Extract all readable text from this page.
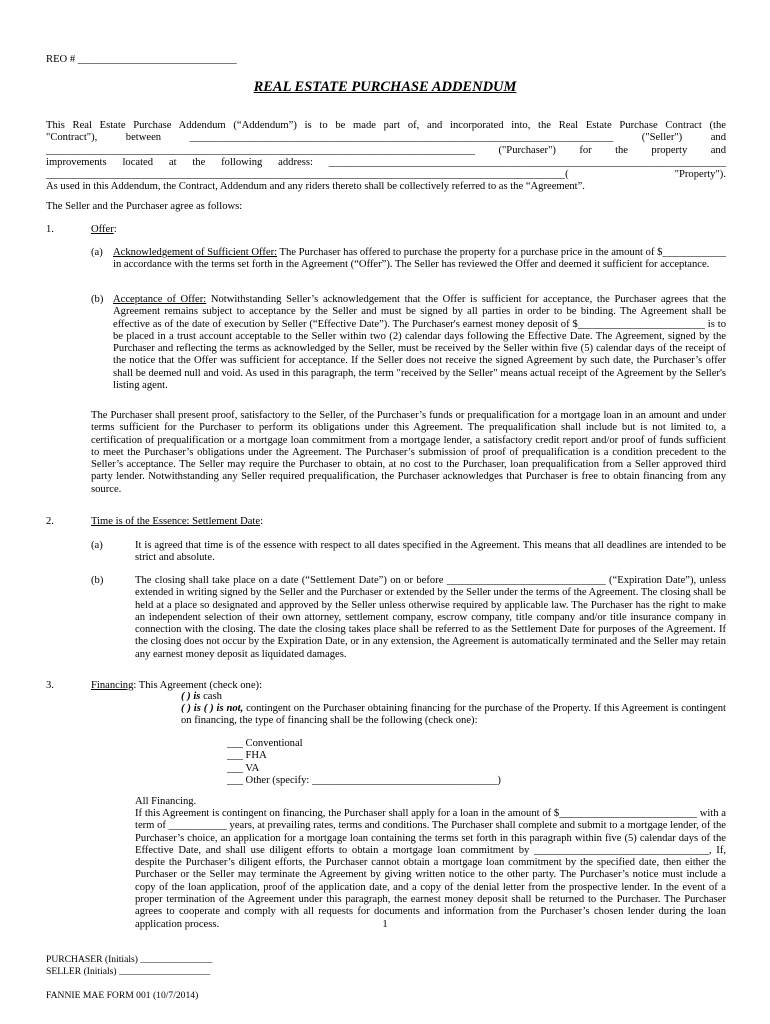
REO # ______________________________
REAL ESTATE PURCHASE ADDENDUM

This Real Estate Purchase Addendum (“Addendum”) is to be made part of, and incorporated into, the Real Estate Purchase Contract (the

"Contract"), between ________________________________________________________________________________ ("Seller") and

_________________________________________________________________________________ ("Purchaser") for the property and

improvements located at the following address: ___________________________________________________________________________

__________________________________________________________________________________________________( "Property").

As used in this Addendum, the Contract, Addendum and any riders thereto shall be collectively referred to as the “Agreement”.

The Seller and the Purchaser agree as follows:
1.	Offer:
(a) Acknowledgement of Sufficient Offer: The Purchaser has offered to purchase the property for a purchase price in the amount of $____________ in accordance with the terms set forth in the Agreement (“Offer”). The Seller has reviewed the Offer and deemed it sufficient for acceptance.
(b) Acceptance of Offer: Notwithstanding Seller’s acknowledgement that the Offer is sufficient for acceptance, the Purchaser agrees that the Agreement remains subject to acceptance by the Seller and must be signed by all parties in order to be binding. The Agreement shall be effective as of the date of execution by Seller (“Effective Date”). The Purchaser's earnest money deposit of $________________________ is to be placed in a trust account acceptable to the Seller within two (2) calendar days following the Effective Date. The Agreement, signed by the Purchaser and reflecting the terms as acknowledged by the Seller, must be received by the Seller within five (5) calendar days of the receipt of the notice that the Offer was sufficient for acceptance. If the Seller does not receive the signed Agreement by such date, the Purchaser’s offer shall be deemed null and void. As used in this paragraph, the term "received by the Seller" means actual receipt of the Agreement by the Seller's listing agent.
The Purchaser shall present proof, satisfactory to the Seller, of the Purchaser’s funds or prequalification for a mortgage loan in an amount and under terms sufficient for the Purchaser to perform its obligations under this Agreement. The prequalification shall include but is not limited to, a certification of prequalification or a mortgage loan commitment from a mortgage lender, a satisfactory credit report and/or proof of funds sufficient to meet the Purchaser’s obligations under the Agreement. The Purchaser’s submission of proof of prequalification is a condition precedent to the Seller’s acceptance. The Seller may require the Purchaser to obtain, at no cost to the Purchaser, loan prequalification from a Seller approved third party lender. Notwithstanding any Seller required prequalification, the Purchaser acknowledges that Purchaser is free to obtain financing from any source.
2.	Time is of the Essence: Settlement Date:
(a)	It is agreed that time is of the essence with respect to all dates specified in the Agreement. This means that all deadlines are intended to be strict and absolute.
(b)	The closing shall take place on a date (“Settlement Date”) on or before ______________________________ (“Expiration Date”), unless extended in writing signed by the Seller and the Purchaser or extended by the Seller under the terms of the Agreement. The closing shall be held at a place so designated and approved by the Seller unless otherwise required by applicable law. The Purchaser has the right to make an independent selection of their own attorney, settlement company, escrow company, title company and/or title insurance company in connection with the closing. The date the closing takes place shall be referred to as the Settlement Date for purposes of the Agreement. If the closing does not occur by the Expiration Date, or in any extension, the Agreement is automatically terminated and the Seller may retain any earnest money deposit as liquidated damages.
3.	Financing: This Agreement (check one):
( ) is cash
( ) is ( ) is not, contingent on the Purchaser obtaining financing for the purchase of the Property. If this Agreement is contingent on financing, the type of financing shall be the following (check one):
___ Conventional
___ FHA
___ VA
___ Other (specify: ___________________________________)
All Financing.
If this Agreement is contingent on financing, the Purchaser shall apply for a loan in the amount of $__________________________ with a term of ___________ years, at prevailing rates, terms and conditions. The Purchaser shall complete and submit to a mortgage lender, of the Purchaser’s choice, an application for a mortgage loan containing the terms set forth in this paragraph within five (5) calendar days of the Effective Date, and shall use diligent efforts to obtain a mortgage loan commitment by _________________________________, If, despite the Purchaser’s diligent efforts, the Purchaser cannot obtain a mortgage loan commitment by the specified date, then either the Purchaser or the Seller may terminate the Agreement by giving written notice to the other party. The Purchaser’s notice must include a copy of the loan application, proof of the application date, and a copy of the denial letter from the prospective lender. In the event of a proper termination of the Agreement under this paragraph, the earnest money deposit shall be returned to the Purchaser. The Purchaser agrees to cooperate and comply with all requests for documents and information from the Purchaser’s chosen lender during the loan application process.	1
PURCHASER (Initials) _______________
SELLER (Initials) ___________________
FANNIE MAE FORM 001 (10/7/2014)
